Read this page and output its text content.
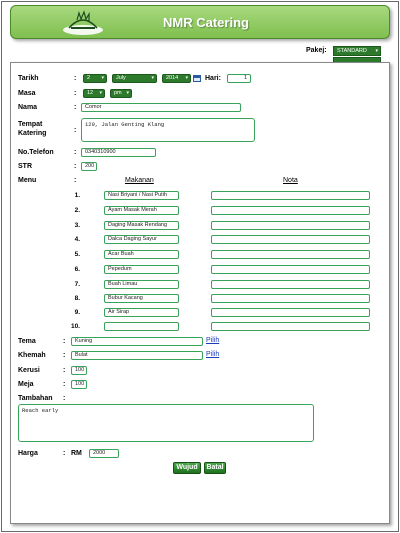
NMR Catering
Pakej:	STANDARD ▾
Tarikh	:	2 ▾	July ▾	2014 ▾	Hari:	1
Masa	:	12 ▾	pm ▾
Nama	:	Comor
Tempat
Katering	:
129, Jalan Genting Klang
No.Telefon	:	0340310900
STR	:	200
Menu	:	Makanan	Nota
1.	Nasi Briyani / Nasi Putih
2.	Ayam Masak Merah
3.	Daging Masak Rendang
4.	Dalca Daging Sayur
5.	Acar Buah
6.	Pepedum
7.	Buah Limau
8.	Bubur Kacang
9.	Air Sirap
10.
Tema	:	Kuning	Pilih
Khemah :	Bulat	Pilih
Kerusi	:	100
Meja	:	100
Tambahan :
Reach early
Harga	: RM	2000
Wujud	Batal
